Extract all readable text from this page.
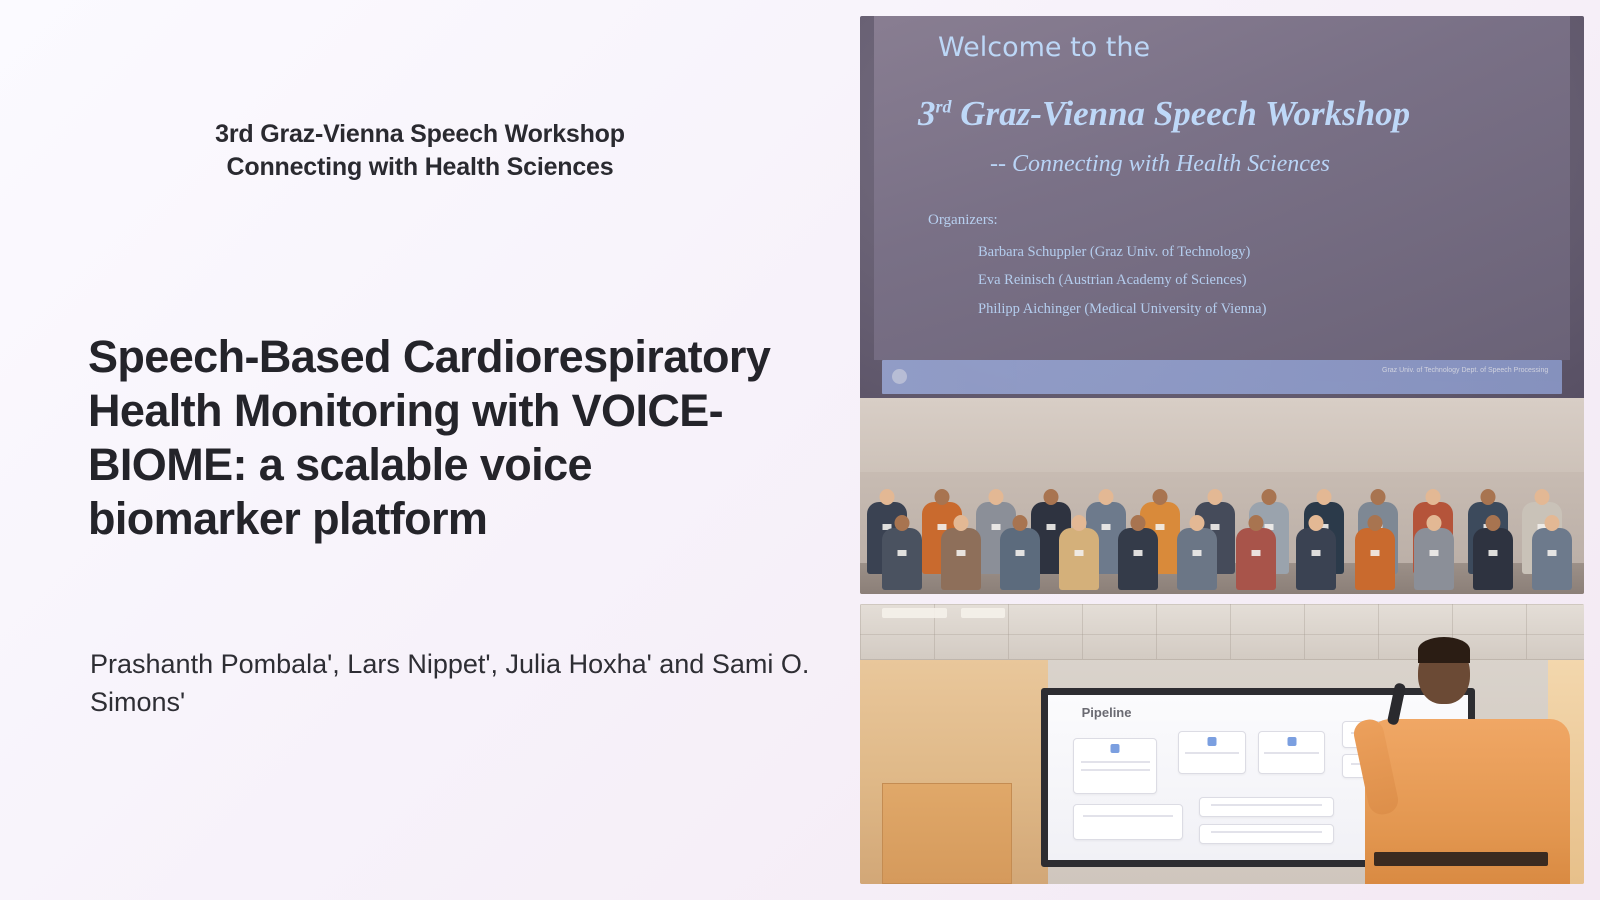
3rd Graz-Vienna Speech Workshop
Connecting with Health Sciences
Speech-Based Cardiorespiratory Health Monitoring with VOICE-BIOME: a scalable voice biomarker platform
Prashanth Pombala', Lars Nippet', Julia Hoxha' and Sami O. Simons'
Welcome to the
3rd Graz-Vienna Speech Workshop
-- Connecting with Health Sciences
Organizers:
Barbara Schuppler (Graz Univ. of Technology)
Eva Reinisch (Austrian Academy of Sciences)
Philipp Aichinger (Medical University of Vienna)
Graz Univ. of Technology Dept. of Speech Processing
Pipeline
